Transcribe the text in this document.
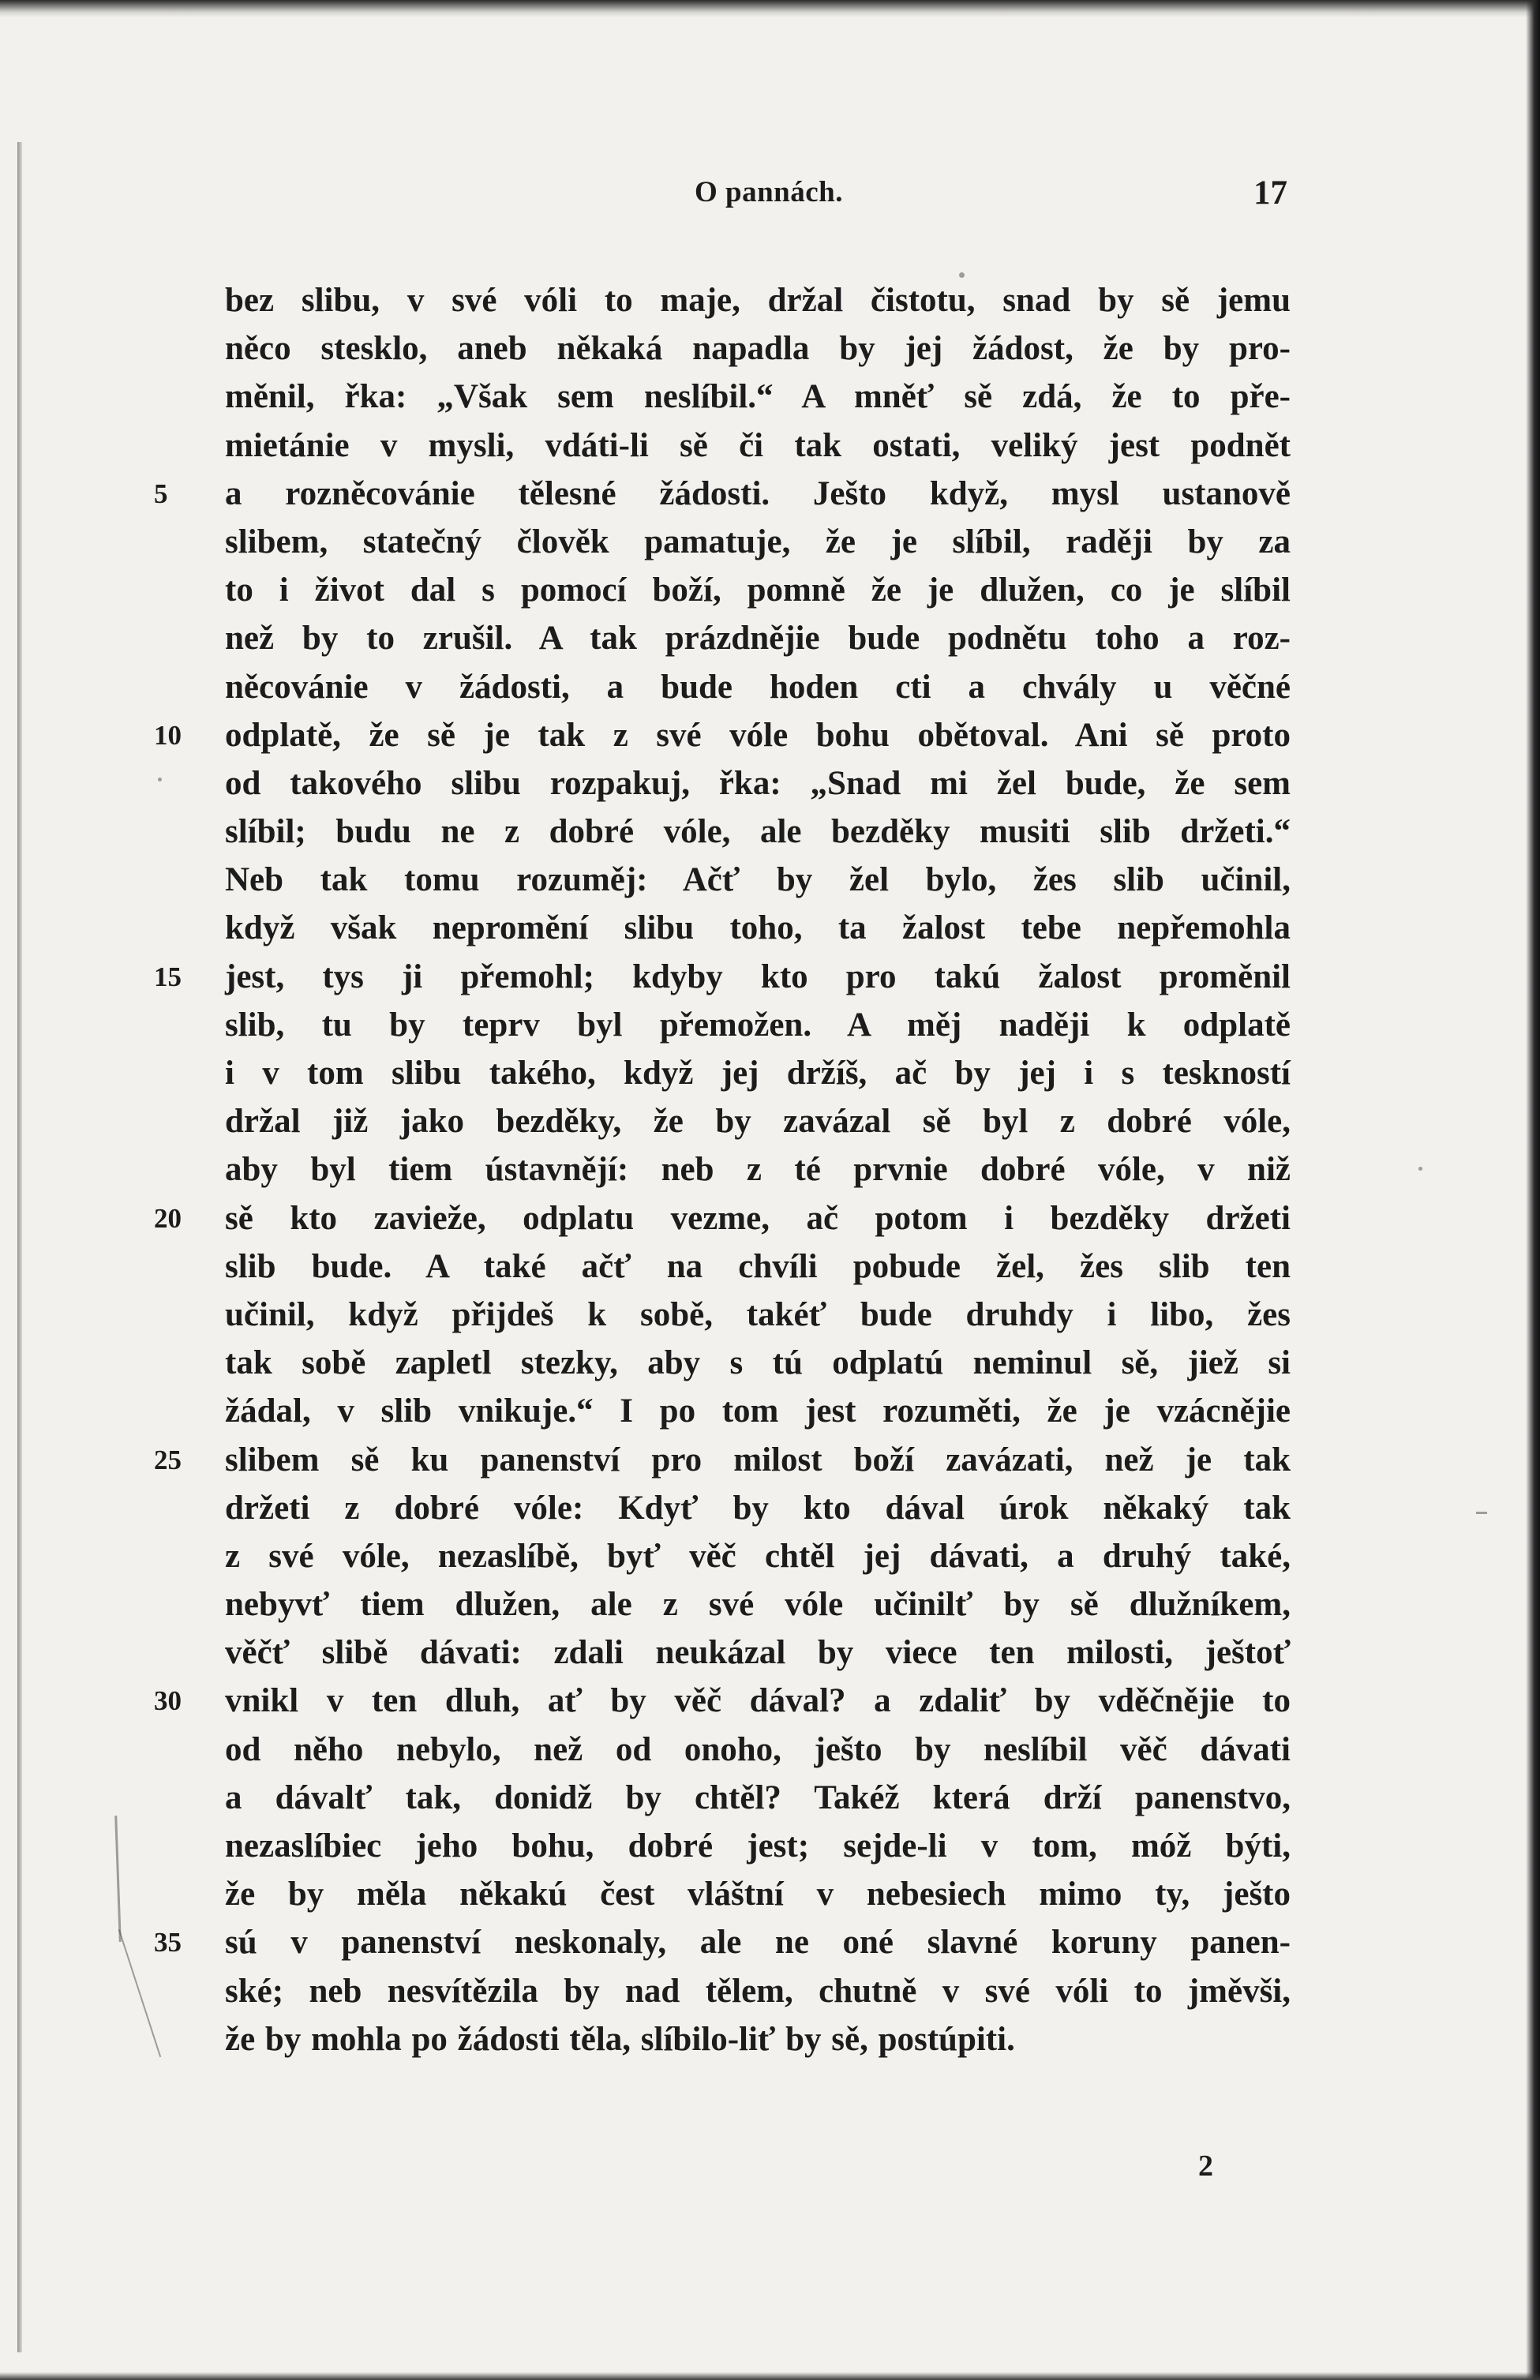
O pannách.	17
bez slibu, v své vóli to maje, držal čistotu, snad by sě jemu
něco stesklo, aneb někaká napadla by jej žádost, že by pro-
měnil, řka: „Však sem neslíbil.“ A mněť sě zdá, že to pře-
mietánie v mysli, vdáti-li sě či tak ostati, veliký jest podnět
5	a rozněcovánie tělesné žádosti. Ješto když, mysl ustanově
slibem, statečný člověk pamatuje, že je slíbil, raději by za
to i život dal s pomocí boží, pomně že je dlužen, co je slíbil
než by to zrušil. A tak prázdnějie bude podnětu toho a roz-
něcovánie v žádosti, a bude hoden cti a chvály u věčné
10	odplatě, že sě je tak z své vóle bohu obětoval. Ani sě proto
od takového slibu rozpakuj, řka: „Snad mi žel bude, že sem
slíbil; budu ne z dobré vóle, ale bezděky musiti slib držeti.“
Neb tak tomu rozuměj: Ačť by žel bylo, žes slib učinil,
když však nepromění slibu toho, ta žalost tebe nepřemohla
15	jest, tys ji přemohl; kdyby kto pro takú žalost proměnil
slib, tu by teprv byl přemožen. A měj naději k odplatě
i v tom slibu takého, když jej držíš, ač by jej i s teskností
držal již jako bezděky, že by zavázal sě byl z dobré vóle,
aby byl tiem ústavnějí: neb z té prvnie dobré vóle, v niž
20	sě kto zavieže, odplatu vezme, ač potom i bezděky držeti
slib bude. A také ačť na chvíli pobude žel, žes slib ten
učinil, když přijdeš k sobě, takéť bude druhdy i libo, žes
tak sobě zapletl stezky, aby s tú odplatú neminul sě, jiež si
žádal, v slib vnikuje.“ I po tom jest rozuměti, že je vzácnějie
25	slibem sě ku panenství pro milost boží zavázati, než je tak
držeti z dobré vóle: Kdyť by kto dával úrok někaký tak
z své vóle, nezaslíbě, byť věč chtěl jej dávati, a druhý také,
nebyvť tiem dlužen, ale z své vóle učinilť by sě dlužníkem,
věčť slibě dávati: zdali neukázal by viece ten milosti, ještoť
30	vnikl v ten dluh, ať by věč dával? a zdaliť by vděčnějie to
od něho nebylo, než od onoho, ješto by neslíbil věč dávati
a dávalť tak, donidž by chtěl? Takéž která drží panenstvo,
nezaslíbiec jeho bohu, dobré jest; sejde-li v tom, móž býti,
že by měla někakú čest vláštní v nebesiech mimo ty, ješto
35	sú v panenství neskonaly, ale ne oné slavné koruny panen-
ské; neb nesvítězila by nad tělem, chutně v své vóli to jměvši,
že by mohla po žádosti těla, slíbilo-liť by sě, postúpiti.
2
